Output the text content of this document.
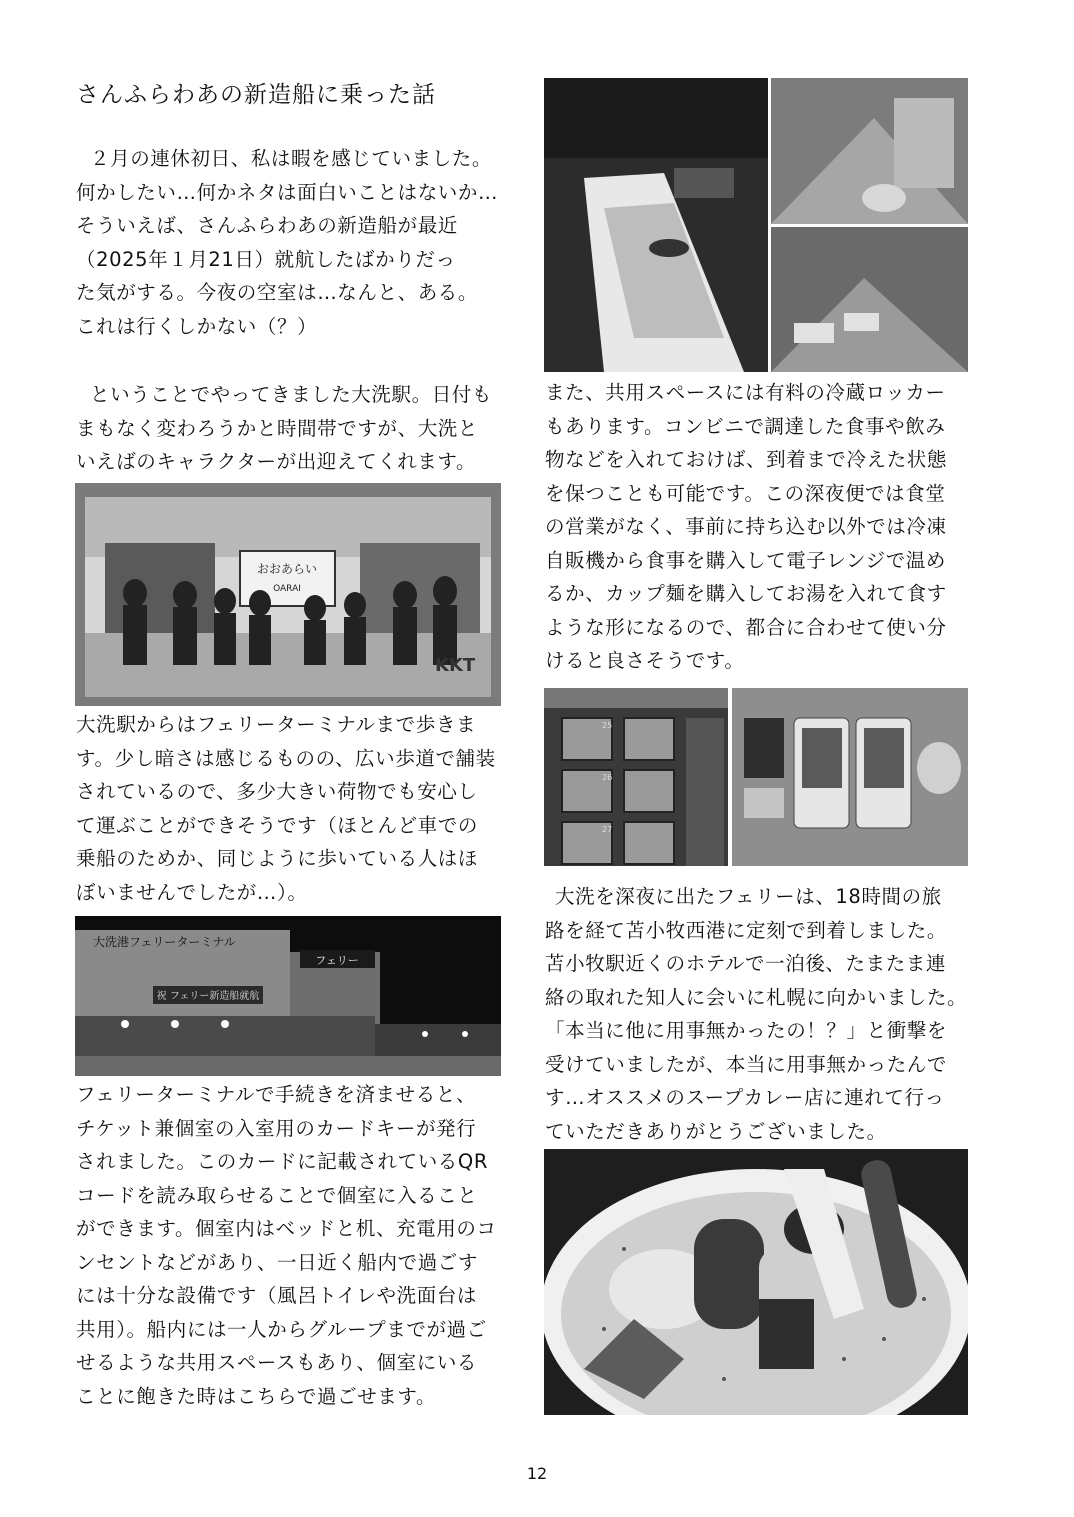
さんふらわあの新造船に乗った話
２月の連休初日、私は暇を感じていました。
何かしたい…何かネタは面白いことはないか…
そういえば、さんふらわあの新造船が最近
（2025年１月21日）就航したばかりだっ
た気がする。今夜の空室は…なんと、ある。
これは行くしかない（？）
ということでやってきました大洗駅。日付も
まもなく変わろうかと時間帯ですが、大洗と
いえばのキャラクターが出迎えてくれます。
おおあらい
OARAI
KKT
大洗駅からはフェリーターミナルまで歩きま
す。少し暗さは感じるものの、広い歩道で舗装
されているので、多少大きい荷物でも安心し
て運ぶことができそうです（ほとんど車での
乗船のためか、同じように歩いている人はほ
ぼいませんでしたが…）。
フェリー
大洗港フェリーターミナル
祝 フェリー新造船就航
フェリーターミナルで手続きを済ませると、
チケット兼個室の入室用のカードキーが発行
されました。このカードに記載されているQR
コードを読み取らせることで個室に入ること
ができます。個室内はベッドと机、充電用のコ
ンセントなどがあり、一日近く船内で過ごす
には十分な設備です（風呂トイレや洗面台は
共用）。船内には一人からグループまでが過ご
せるような共用スペースもあり、個室にいる
ことに飽きた時はこちらで過ごせます。
また、共用スペースには有料の冷蔵ロッカー
もあります。コンビニで調達した食事や飲み
物などを入れておけば、到着まで冷えた状態
を保つことも可能です。この深夜便では食堂
の営業がなく、事前に持ち込む以外では冷凍
自販機から食事を購入して電子レンジで温め
るか、カップ麺を購入してお湯を入れて食す
ような形になるので、都合に合わせて使い分
けると良さそうです。
25
26
27
大洗を深夜に出たフェリーは、18時間の旅
路を経て苫小牧西港に定刻で到着しました。
苫小牧駅近くのホテルで一泊後、たまたま連
絡の取れた知人に会いに札幌に向かいました。
「本当に他に用事無かったの！？」と衝撃を
受けていましたが、本当に用事無かったんで
す…オススメのスープカレー店に連れて行っ
ていただきありがとうございました。
12
